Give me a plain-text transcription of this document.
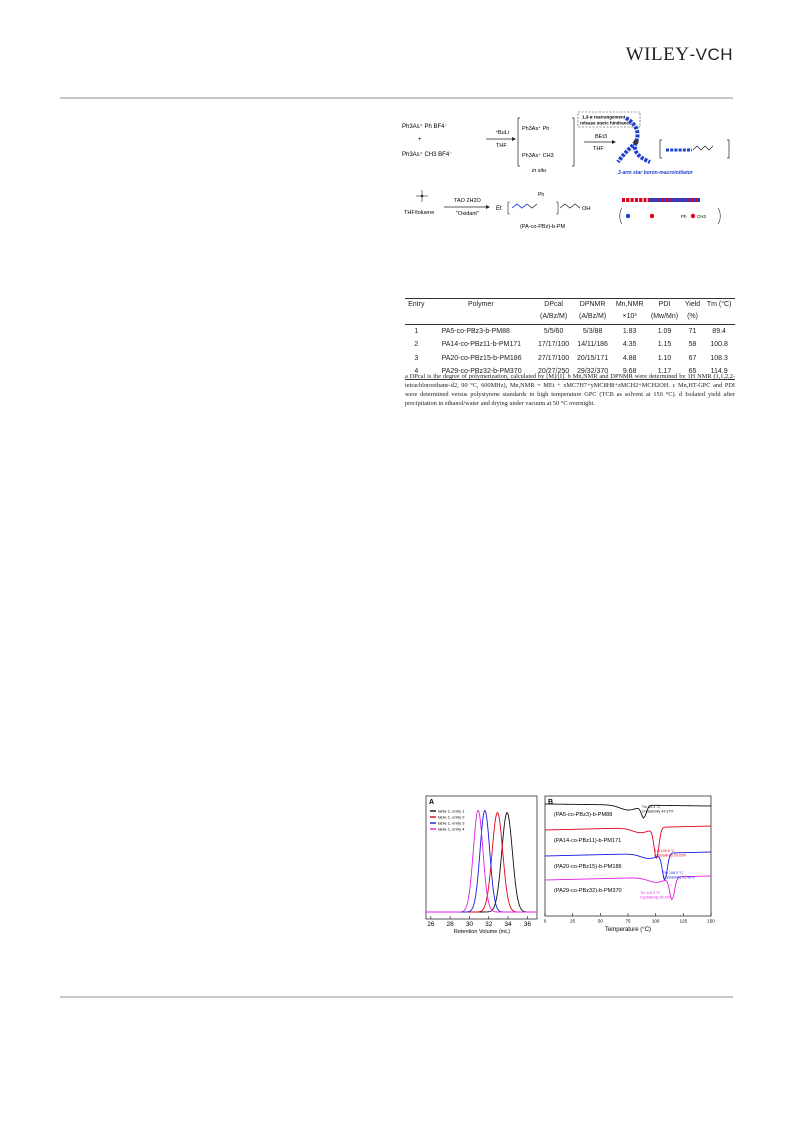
WILEY-VCH
Ph3As⁺ Ph BF4⁻
+
Ph3As⁺ CH3 BF4⁻
ⁿBuLi
THF
Ph3As⁺ Ph
Ph3As⁺ CH3
in situ
1,3-α rearrangement
release steric hindrance
BEt3
THF
3-arm star boron-macroinitiator
THF/toluene
TAO 2H2O
"Oxidant"
Et
Ph
OH
(PA-co-PBz)-b-PM
Ph CH3
Entry	Polymer	DPcal	DPNMR	Mn,NMR	PDI	Yield	Tm (°C)
		(A/Bz/M)	(A/Bz/M)	×10³	(Mw/Mn)	(%)	
1	PA5-co-PBz3-b-PM88	5/5/60	5/3/88	1.83	1.09	71	89.4
2	PA14-co-PBz11-b-PM171	17/17/100	14/11/186	4.35	1.15	58	100.8
3	PA20-co-PBz15-b-PM186	27/17/100	20/15/171	4.88	1.10	67	108.3
4	PA29-co-PBz32-b-PM370	20/27/250	29/32/370	9.68	1.17	65	114.9
a DPcal is the degree of polymerization, calculated by [M]/[I]. b Mn,NMR and DPNMR were determined by 1H NMR (1,1,2,2-tetrachloroethane-d2, 90 °C, 600MHz), Mn,NMR = MEt + xMC7H7+yMC8H8+zMCH2+MCH2OH. c Mn,HT-GPC and PDI were determined versus polystyrene standards in high temperature GPC (TCB as solvent at 150 °C). d Isolated yield after precipitation in ethanol/water and drying under vacuum at 50 °C overnight.
A
table 1, entry 1
table 1, entry 2
table 1, entry 3
table 1, entry 4
26 28 30 32 34 36
Retention Volume (mL)
B
(PA5-co-PBz3)-b-PM88
Tm 89.4 °C
Crystallinity 44.37%
(PA14-co-PBz11)-b-PM171
Tm 100.8 °C
Crystallinity 29.03%
(PA20-co-PBz15)-b-PM186
Tm 108.3 °C
Crystallinity 51.46%
(PA29-co-PBz32)-b-PM370	Tm 114.9 °C
Crystallinity 35.33%
0	25	50	75	100	125	150
Temperature (°C)
